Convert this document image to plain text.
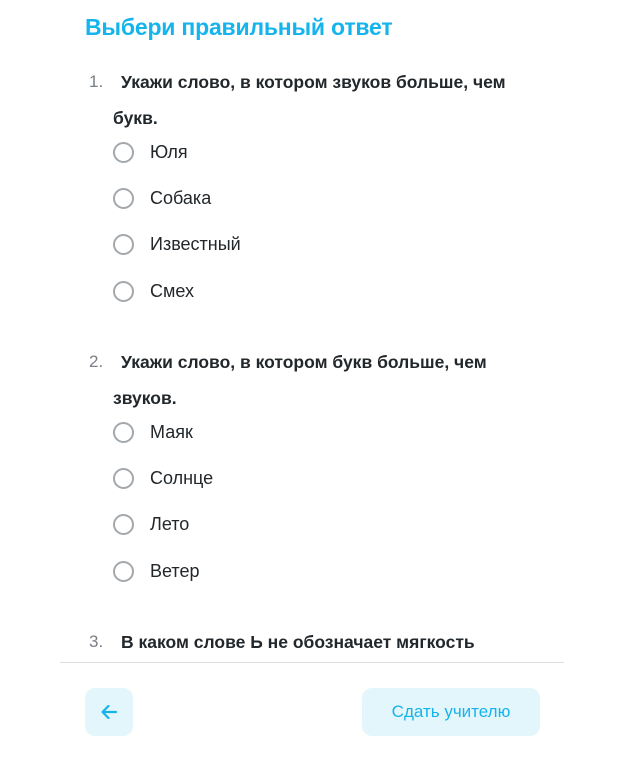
Выбери правильный ответ
1.	Укажи слово, в котором звуков больше, чем букв.
Юля
Собака
Известный
Смех
2.	Укажи слово, в котором букв больше, чем звуков.
Маяк
Солнце
Лето
Ветер
3.	В каком слове Ь не обозначает мягкость
Сдать учителю
